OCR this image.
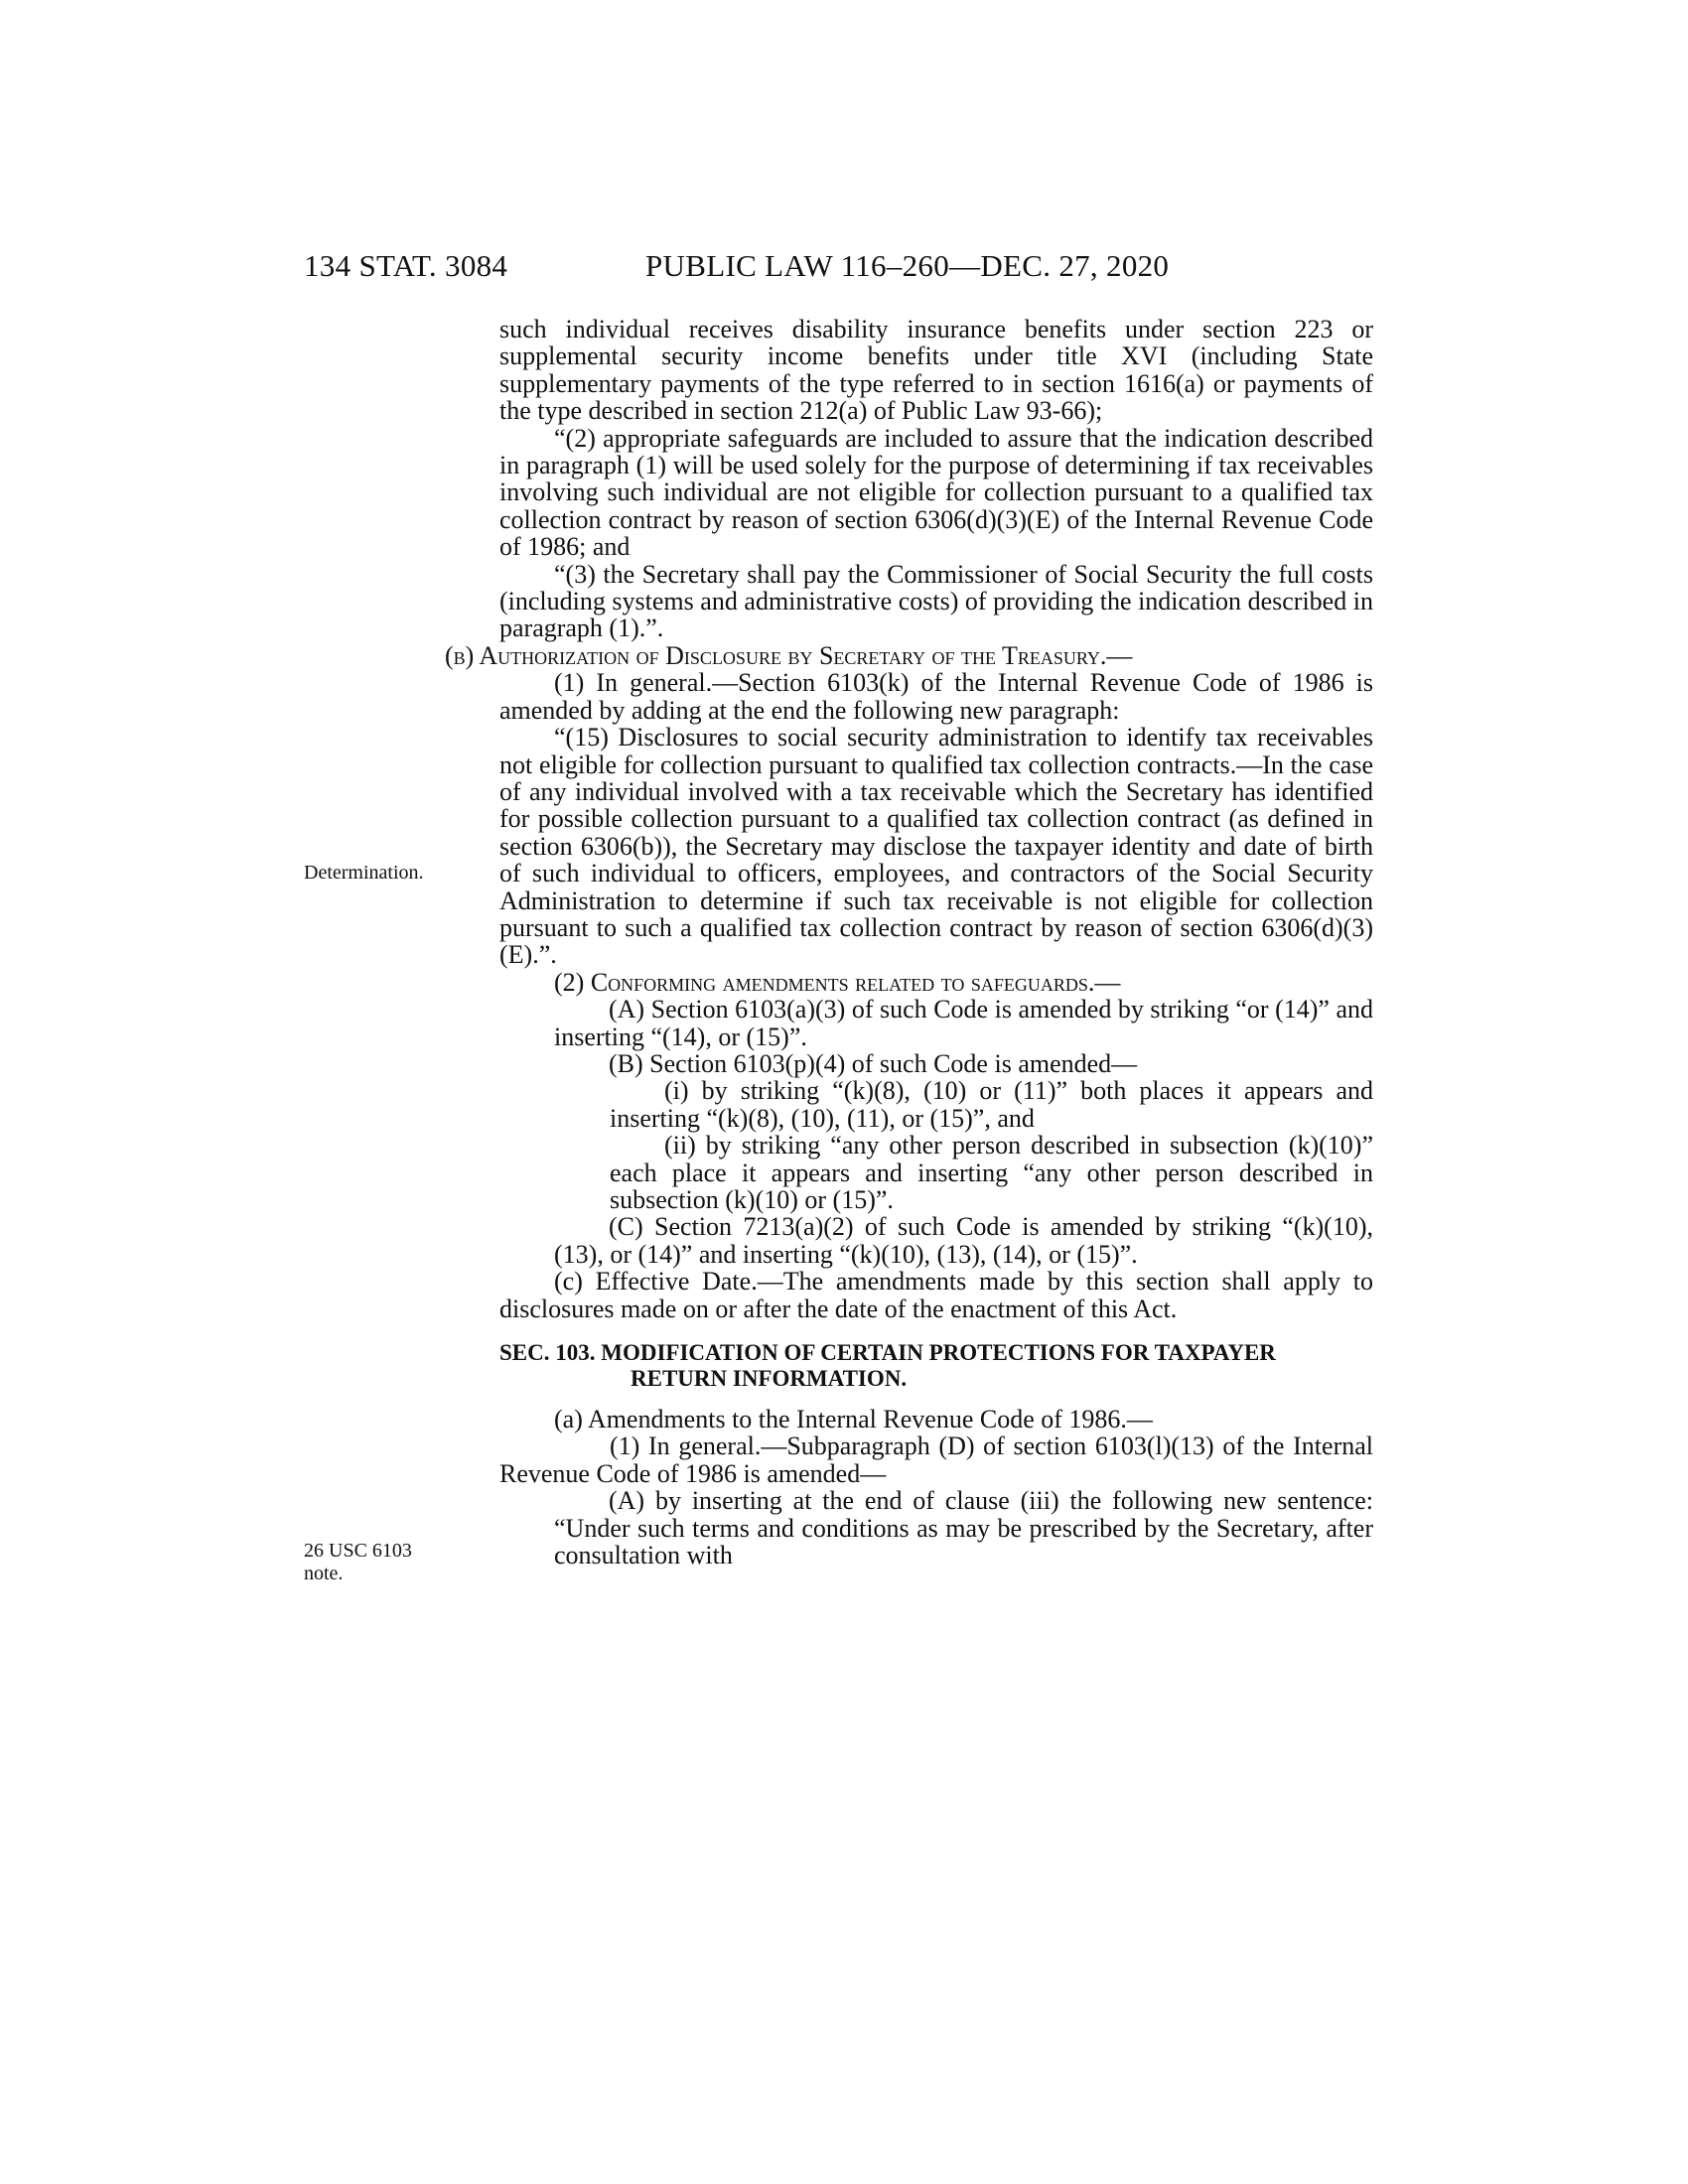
134 STAT. 3084	PUBLIC LAW 116–260—DEC. 27, 2020
Determination.
26 USC 6103
note.

such individual receives disability insurance benefits under section 223 or supplemental security income benefits under title XVI (including State supplementary payments of the type referred to in section 1616(a) or payments of the type described in section 212(a) of Public Law 93-66);

“(2) appropriate safeguards are included to assure that the indication described in paragraph (1) will be used solely for the purpose of determining if tax receivables involving such individual are not eligible for collection pursuant to a qualified tax collection contract by reason of section 6306(d)(3)(E) of the Internal Revenue Code of 1986; and

“(3) the Secretary shall pay the Commissioner of Social Security the full costs (including systems and administrative costs) of providing the indication described in paragraph (1).”.

(b) Authorization of Disclosure by Secretary of the Treasury.—

(1) In general.—Section 6103(k) of the Internal Revenue Code of 1986 is amended by adding at the end the following new paragraph:

“(15) Disclosures to social security administration to identify tax receivables not eligible for collection pursuant to qualified tax collection contracts.—In the case of any individual involved with a tax receivable which the Secretary has identified for possible collection pursuant to a qualified tax collection contract (as defined in section 6306(b)), the Secretary may disclose the taxpayer identity and date of birth of such individual to officers, employees, and contractors of the Social Security Administration to determine if such tax receivable is not eligible for collection pursuant to such a qualified tax collection contract by reason of section 6306(d)(3)(E).”.

(2) Conforming amendments related to safeguards.—

(A) Section 6103(a)(3) of such Code is amended by striking “or (14)” and inserting “(14), or (15)”.

(B) Section 6103(p)(4) of such Code is amended—

(i) by striking “(k)(8), (10) or (11)” both places it appears and inserting “(k)(8), (10), (11), or (15)”, and

(ii) by striking “any other person described in subsection (k)(10)” each place it appears and inserting “any other person described in subsection (k)(10) or (15)”.

(C) Section 7213(a)(2) of such Code is amended by striking “(k)(10), (13), or (14)” and inserting “(k)(10), (13), (14), or (15)”.

(c) Effective Date.—The amendments made by this section shall apply to disclosures made on or after the date of the enactment of this Act.

SEC. 103. MODIFICATION OF CERTAIN PROTECTIONS FOR TAXPAYER RETURN INFORMATION.

(a) Amendments to the Internal Revenue Code of 1986.—

(1) In general.—Subparagraph (D) of section 6103(l)(13) of the Internal Revenue Code of 1986 is amended—

(A) by inserting at the end of clause (iii) the following new sentence: “Under such terms and conditions as may be prescribed by the Secretary, after consultation with
